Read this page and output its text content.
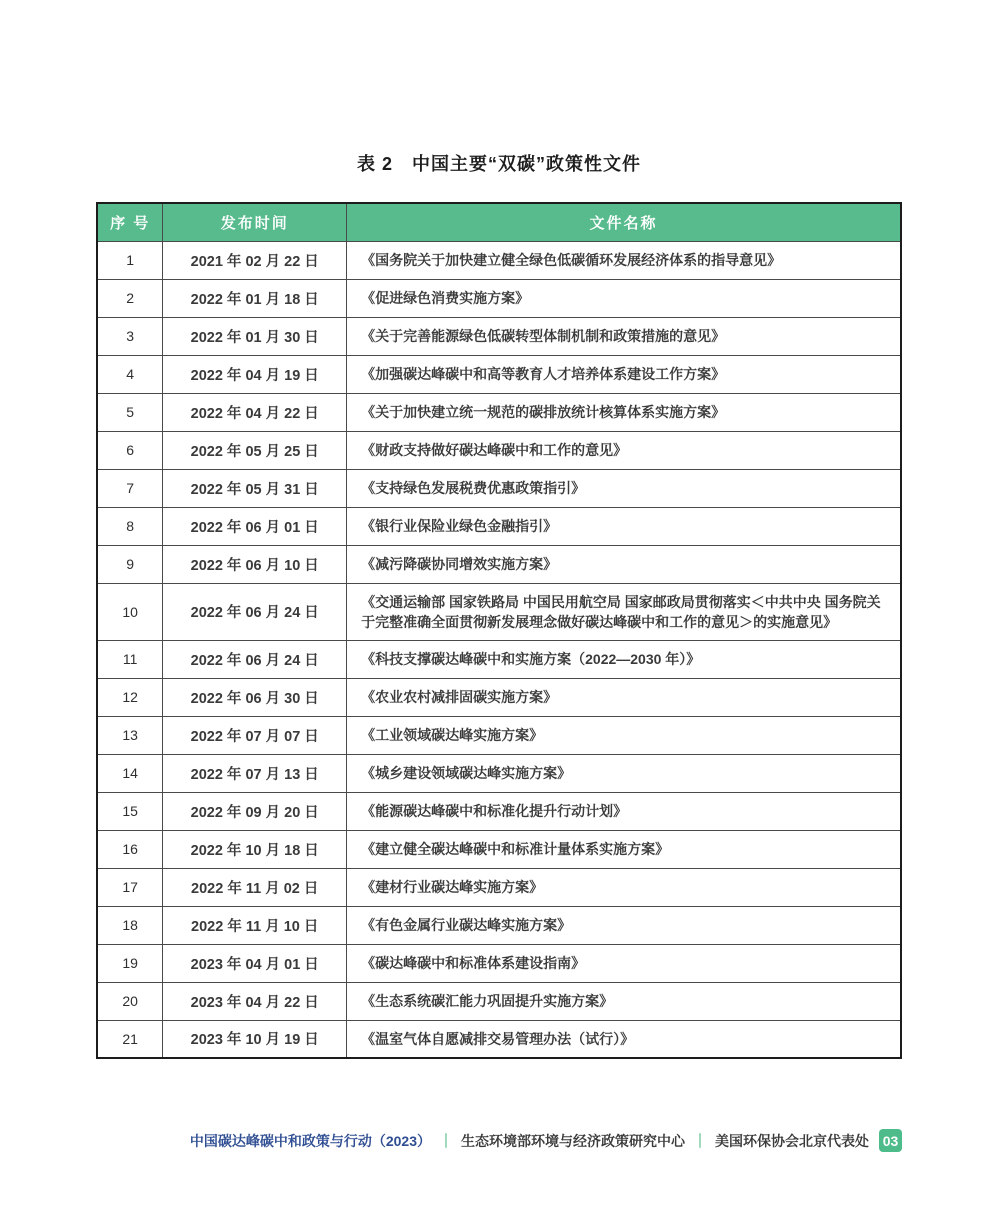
表 2　中国主要“双碳”政策性文件
序 号	发布时间	文件名称
1	2021 年 02 月 22 日	《国务院关于加快建立健全绿色低碳循环发展经济体系的指导意见》
2	2022 年 01 月 18 日	《促进绿色消费实施方案》
3	2022 年 01 月 30 日	《关于完善能源绿色低碳转型体制机制和政策措施的意见》
4	2022 年 04 月 19 日	《加强碳达峰碳中和高等教育人才培养体系建设工作方案》
5	2022 年 04 月 22 日	《关于加快建立统一规范的碳排放统计核算体系实施方案》
6	2022 年 05 月 25 日	《财政支持做好碳达峰碳中和工作的意见》
7	2022 年 05 月 31 日	《支持绿色发展税费优惠政策指引》
8	2022 年 06 月 01 日	《银行业保险业绿色金融指引》
9	2022 年 06 月 10 日	《减污降碳协同增效实施方案》
10	2022 年 06 月 24 日	《交通运输部 国家铁路局 中国民用航空局 国家邮政局贯彻落实＜中共中央 国务院关于完整准确全面贯彻新发展理念做好碳达峰碳中和工作的意见＞的实施意见》
11	2022 年 06 月 24 日	《科技支撑碳达峰碳中和实施方案（2022—2030 年）》
12	2022 年 06 月 30 日	《农业农村减排固碳实施方案》
13	2022 年 07 月 07 日	《工业领域碳达峰实施方案》
14	2022 年 07 月 13 日	《城乡建设领域碳达峰实施方案》
15	2022 年 09 月 20 日	《能源碳达峰碳中和标准化提升行动计划》
16	2022 年 10 月 18 日	《建立健全碳达峰碳中和标准计量体系实施方案》
17	2022 年 11 月 02 日	《建材行业碳达峰实施方案》
18	2022 年 11 月 10 日	《有色金属行业碳达峰实施方案》
19	2023 年 04 月 01 日	《碳达峰碳中和标准体系建设指南》
20	2023 年 04 月 22 日	《生态系统碳汇能力巩固提升实施方案》
21	2023 年 10 月 19 日	《温室气体自愿减排交易管理办法（试行）》
中国碳达峰碳中和政策与行动（2023） ｜ 生态环境部环境与经济政策研究中心 ｜ 美国环保协会北京代表处 03
